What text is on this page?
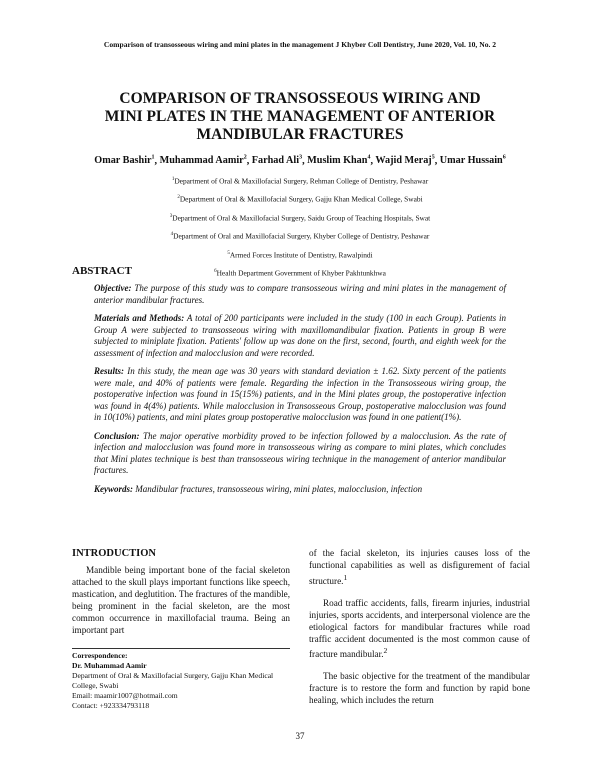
Comparison of transosseous wiring and mini plates in the management J Khyber Coll Dentistry, June 2020, Vol. 10, No. 2
COMPARISON OF TRANSOSSEOUS WIRING AND
MINI PLATES IN THE MANAGEMENT OF ANTERIOR
MANDIBULAR FRACTURES
Omar Bashir$^1$, Muhammad Aamir$^2$, Farhad Ali$^3$, Muslim Khan$^4$, Wajid Meraj$^5$, Umar Hussain$^6$
$^1$Department of Oral & Maxillofacial Surgery, Rehman College of Dentistry, Peshawar
$^2$Department of Oral & Maxillofacial Surgery, Gajju Khan Medical College, Swabi
$^3$Department of Oral & Maxillofacial Surgery, Saidu Group of Teaching Hospitals, Swat
$^4$Department of Oral and Maxillofacial Surgery, Khyber College of Dentistry, Peshawar
$^5$Armed Forces Institute of Dentistry, Rawalpindi
$^6$Health Department Government of Khyber Pakhtunkhwa
ABSTRACT

Objective: The purpose of this study was to compare transosseous wiring and mini plates in the management of anterior mandibular fractures.

Materials and Methods: A total of 200 participants were included in the study (100 in each Group). Patients in Group A were subjected to transosseous wiring with maxillomandibular fixation. Patients in group B were subjected to miniplate fixation. Patients' follow up was done on the first, second, fourth, and eighth week for the assessment of infection and malocclusion and were recorded.

Results: In this study, the mean age was 30 years with standard deviation ± 1.62. Sixty percent of the patients were male, and 40% of patients were female. Regarding the infection in the Transosseous wiring group, the postoperative infection was found in 15(15%) patients, and in the Mini plates group, the postoperative infection was found in 4(4%) patients. While malocclusion in Transosseous Group, postoperative malocclusion was found in 10(10%) patients, and mini plates group postoperative malocclusion was found in one patient(1%).

Conclusion: The major operative morbidity proved to be infection followed by a malocclusion. As the rate of infection and malocclusion was found more in transosseous wiring as compare to mini plates, which concludes that Mini plates technique is best than transosseous wiring technique in the management of anterior mandibular fractures.

Keywords: Mandibular fractures, transosseous wiring, mini plates, malocclusion, infection

INTRODUCTION

Mandible being important bone of the facial skeleton attached to the skull plays important functions like speech, mastication, and deglutition. The fractures of the mandible, being prominent in the facial skeleton, are the most common occurrence in maxillofacial trauma. Being an important part

Correspondence:
Dr. Muhammad Aamir
Department of Oral & Maxillofacial Surgery, Gajju Khan Medical College, Swabi
Email: maamir1007@hotmail.com
Contact: +923334793118

of the facial skeleton, its injuries causes loss of the functional capabilities as well as disfigurement of facial structure.$^1$

Road traffic accidents, falls, firearm injuries, industrial injuries, sports accidents, and interpersonal violence are the etiological factors for mandibular fractures while road traffic accident documented is the most common cause of fracture mandibular.$^2$

The basic objective for the treatment of the mandibular fracture is to restore the form and function by rapid bone healing, which includes the return

37
